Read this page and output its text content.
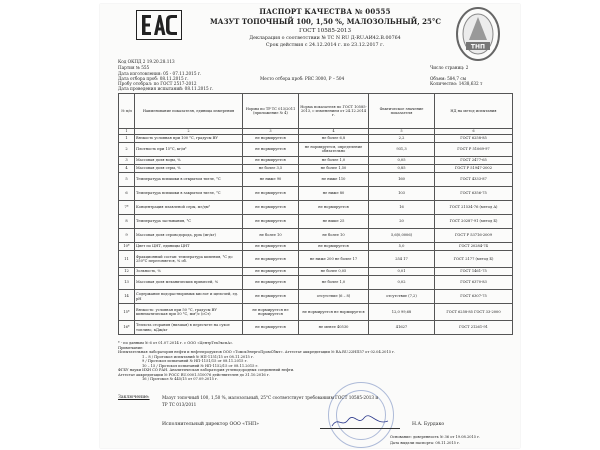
ТНП
ПАСПОРТ КАЧЕСТВА № 00555
МАЗУТ ТОПОЧНЫЙ 100, 1,50 %, МАЛОЗОЛЬНЫЙ, 25°С
ГОСТ 10585-2013
Декларация о соответствии № ТС N RU Д-RU.АИ42.В.00764
Срок действия с 24.12.2014 г. по 23.12.2017 г.
Код ОКПД 2 19.20.28.113
Партия № 555
Дата изготовления: 05 - 07.11.2015 г.
Дата отбора проб: 08.11.2015 г.
Пробу отобрал: по ГОСТ 2517-2012
Дата проведения испытаний: 08.11.2015 г.
Место отбора проб: РВС 3000, Р – 504
Число страниц: 2
Объем: 584,7 см
Количество: 1438,632 т
№ п/п	Наименование показателя, единица измерения	Нормы по ТР ТС 013/2011 (приложение № 4)	Норма показателя по ГОСТ 10585-2013, с изменением от 24.12.2014 г.	Фактическое значение показателя	НД на метод испытания
1	2	3	4	5	6
1	Вязкость условная при 100 °С, градусы ВУ	не нормируется	не более 6,8	2,2	ГОСТ 6258-85
2	Плотность при 15°С, кг/м³	не нормируется	не нормируется, определение обязательно	931,3	ГОСТ Р 51069-97
3	Массовая доля воды, %	не нормируется	не более 1,0	0,05	ГОСТ 2477-65
4	Массовая доля серы, %	не более 3,5	не более 1,50	0,85	ГОСТ Р 51947-2002
5	Температура вспышки в открытом тигле, °С	не ниже 90	не ниже 110	160	ГОСТ 4333-87
6	Температура вспышки в закрытом тигле, °С	не нормируется	не ниже 80	103	ГОСТ 6356-75
7*	Концентрация плавленой серы, мг/дм³	не нормируется	не нормируется	16	ГОСТ 21534-76 (метод А)
8	Температура застывания, °С	не нормируется	не выше 25	20	ГОСТ 20287-91 (метод Б)
9	Массовая доля сероводорода, ppm (мг/кг)	не более 10	не более 10	5,6(0,0006)	ГОСТ Р 53716-2009
10*	Цвет по ЦНТ, единицы ЦНТ	не нормируется	не нормируется	5,0	ГОСТ 20284-74
11	Фракционный состав: температура кипения, °С до 250°С перегоняется, % об.	не нормируется	не ниже 200 не более 17	254 17	ГОСТ 2177 (метод Б)
12	Зольность, %	не нормируется	не более 0,05	0,01	ГОСТ 1461-75
13	Массовая доля механических примесей, %	не нормируется	не более 1,0	0,02	ГОСТ 6370-83
14	Содержание водорастворимых кислот и щелочей, ед. pH	не нормируется	отсутствие (6 – 8)	отсутствие (7,2)	ГОСТ 6307-75
15*	Вязкость: условная при 50 °С, градусы ВУ кинематическая при 50 °С, мм²/с (сСт)	не нормируется не нормируется	не нормируется не нормируется	12,0 99,68	ГОСТ 6258-85 ГОСТ 33-2000
16*	Теплота сгорания (низшая) в пересчете на сухое топливо, кДж/кг	не нормируется	не менее 40530	41627	ГОСТ 21261-91
* - по данным № 6 от 01.07.2014 г. с ООО «ЦентрТехЭкспА».
Примечание:
Испытательная лаборатория нефти и нефтепродуктов ООО «ТомскЭнергоПромСбыт». Аттестат аккредитации № RA.RU.22НП57 от 02.04.2015 г.
1 – 8 / Протокол испытаний № НП-1151/15 от 08.11.2015 г.
9 / Протокол испытаний № НП-1151/15 от 08.11.2015 г.
10 – 15 / Протокол испытаний № НП-1152/15 от 08.11.2015 г.
ФГБУ науки ИХН СО РАН. Аналитическая лаборатория углеводородных соединений нефти.
Аттестат аккредитации № РОСС RU.0001.510076 действителен до 31.10.2016 г.
16 / Протокол № 445/15 от 07.09.2015 г.
Заключение:	Мазут топочный 100, 1,50 %, малозольный, 25°С соответствует требованиям ГОСТ 10585-2013 и
ТР ТС 013/2011
Исполнительный директор ООО «ТНП»	Н.А. Бурдако
Основание: доверенность № 36 от 19.08.2015 г.
Дата выдачи паспорта: 08.11.2015 г.
